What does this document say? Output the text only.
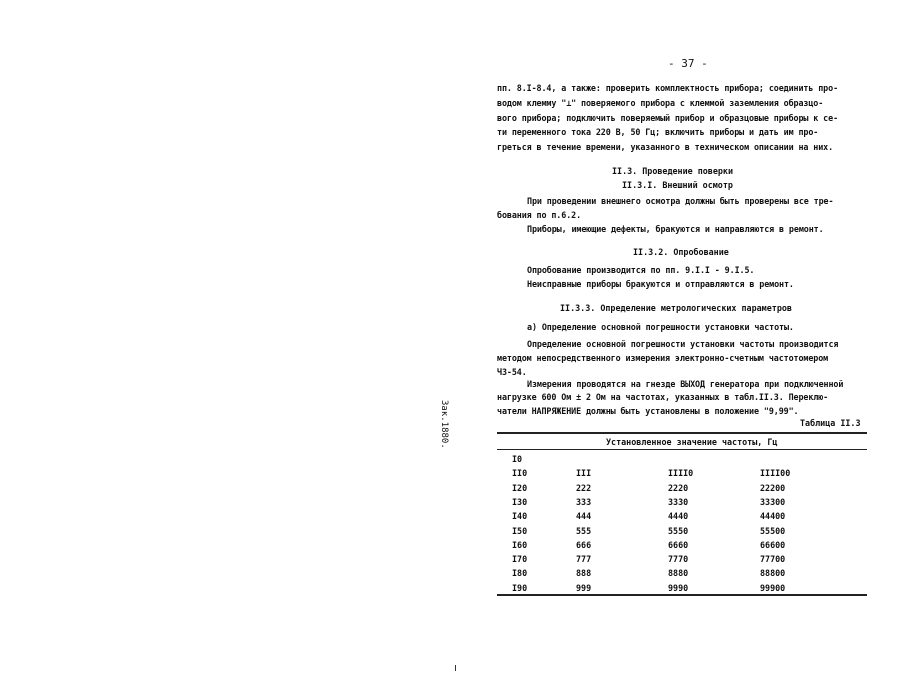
- 37 -
Зак.1880.
пп. 8.I-8.4, а также: проверить комплектность прибора; соединить про-
водом клемму "⊥" поверяемого прибора с клеммой заземления образцо-
вого прибора; подключить поверяемый прибор и образцовые приборы к се-
ти переменного тока 220 В, 50 Гц; включить приборы и дать им про-
греться в течение времени, указанного в техническом описании на них.
II.3. Проведение поверки
II.3.I. Внешний осмотр
При проведении внешнего осмотра должны быть проверены все тре-
бования по п.6.2.
Приборы, имеющие дефекты, бракуются и направляются в ремонт.
II.3.2. Опробование
Опробование производится по пп. 9.I.I - 9.I.5.
Неисправные приборы бракуются и отправляются в ремонт.
II.3.3. Определение метрологических параметров
а) Определение основной погрешности установки частоты.
Определение основной погрешности установки частоты производится
методом непосредственного измерения электронно-счетным частотомером
Ч3-54.
Измерения проводятся на гнезде ВЫХОД генератора при подключенной
нагрузке 600 Ом ± 2 Ом на частотах, указанных в табл.II.3. Переклю-
чатели НАПРЯЖЕНИЕ должны быть установлены в положение "9,99".
Таблица II.3
Установленное значение частоты, Гц
I0
II0	III	IIII0	IIII00
I20	222	2220	22200
I30	333	3330	33300
I40	444	4440	44400
I50	555	5550	55500
I60	666	6660	66600
I70	777	7770	77700
I80	888	8880	88800
I90	999	9990	99900
